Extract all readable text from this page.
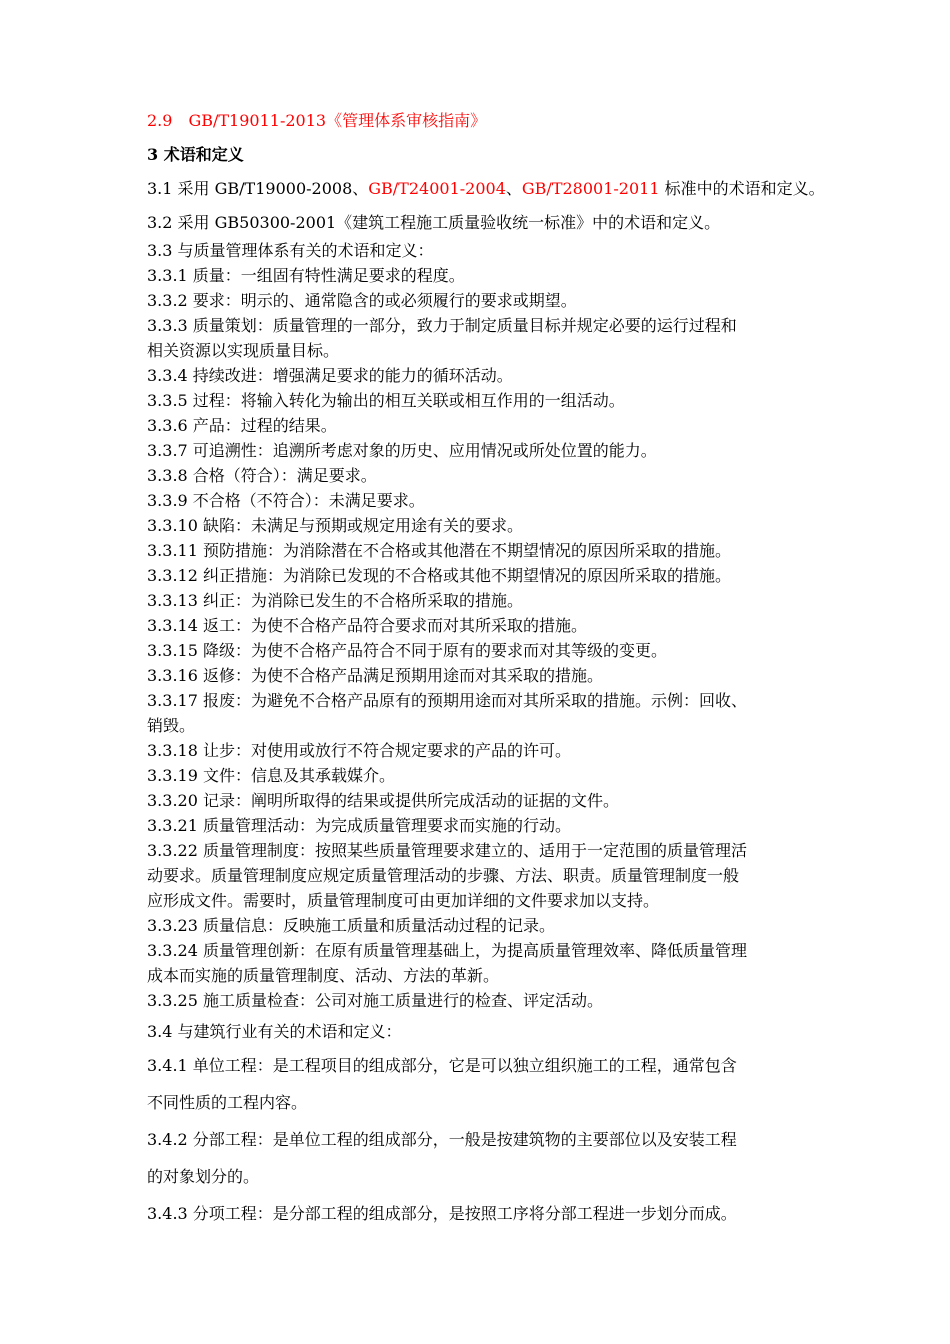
2.9　GB/T19011-2013《管理体系审核指南》

3 术语和定义

3.1 采用 GB/T19000-2008、GB/T24001-2004、GB/T28001-2011 标准中的术语和定义。

3.2 采用 GB50300-2001《建筑工程施工质量验收统一标准》中的术语和定义。

3.3 与质量管理体系有关的术语和定义：

3.3.1 质量：一组固有特性满足要求的程度。

3.3.2 要求：明示的、通常隐含的或必须履行的要求或期望。

3.3.3 质量策划：质量管理的一部分，致力于制定质量目标并规定必要的运行过程和

相关资源以实现质量目标。

3.3.4 持续改进：增强满足要求的能力的循环活动。

3.3.5 过程：将输入转化为输出的相互关联或相互作用的一组活动。

3.3.6 产品：过程的结果。

3.3.7 可追溯性：追溯所考虑对象的历史、应用情况或所处位置的能力。

3.3.8 合格（符合）：满足要求。

3.3.9 不合格（不符合）：未满足要求。

3.3.10 缺陷：未满足与预期或规定用途有关的要求。

3.3.11 预防措施：为消除潜在不合格或其他潜在不期望情况的原因所采取的措施。

3.3.12 纠正措施：为消除已发现的不合格或其他不期望情况的原因所采取的措施。

3.3.13 纠正：为消除已发生的不合格所采取的措施。

3.3.14 返工：为使不合格产品符合要求而对其所采取的措施。

3.3.15 降级：为使不合格产品符合不同于原有的要求而对其等级的变更。

3.3.16 返修：为使不合格产品满足预期用途而对其采取的措施。

3.3.17 报废：为避免不合格产品原有的预期用途而对其所采取的措施。示例：回收、

销毁。

3.3.18 让步：对使用或放行不符合规定要求的产品的许可。

3.3.19 文件：信息及其承载媒介。

3.3.20 记录：阐明所取得的结果或提供所完成活动的证据的文件。

3.3.21 质量管理活动：为完成质量管理要求而实施的行动。

3.3.22 质量管理制度：按照某些质量管理要求建立的、适用于一定范围的质量管理活

动要求。质量管理制度应规定质量管理活动的步骤、方法、职责。质量管理制度一般

应形成文件。需要时，质量管理制度可由更加详细的文件要求加以支持。

3.3.23 质量信息：反映施工质量和质量活动过程的记录。

3.3.24 质量管理创新：在原有质量管理基础上，为提高质量管理效率、降低质量管理

成本而实施的质量管理制度、活动、方法的革新。

3.3.25 施工质量检查：公司对施工质量进行的检查、评定活动。

3.4 与建筑行业有关的术语和定义：

3.4.1 单位工程：是工程项目的组成部分，它是可以独立组织施工的工程，通常包含

不同性质的工程内容。

3.4.2 分部工程：是单位工程的组成部分，一般是按建筑物的主要部位以及安装工程

的对象划分的。

3.4.3 分项工程：是分部工程的组成部分，是按照工序将分部工程进一步划分而成。
